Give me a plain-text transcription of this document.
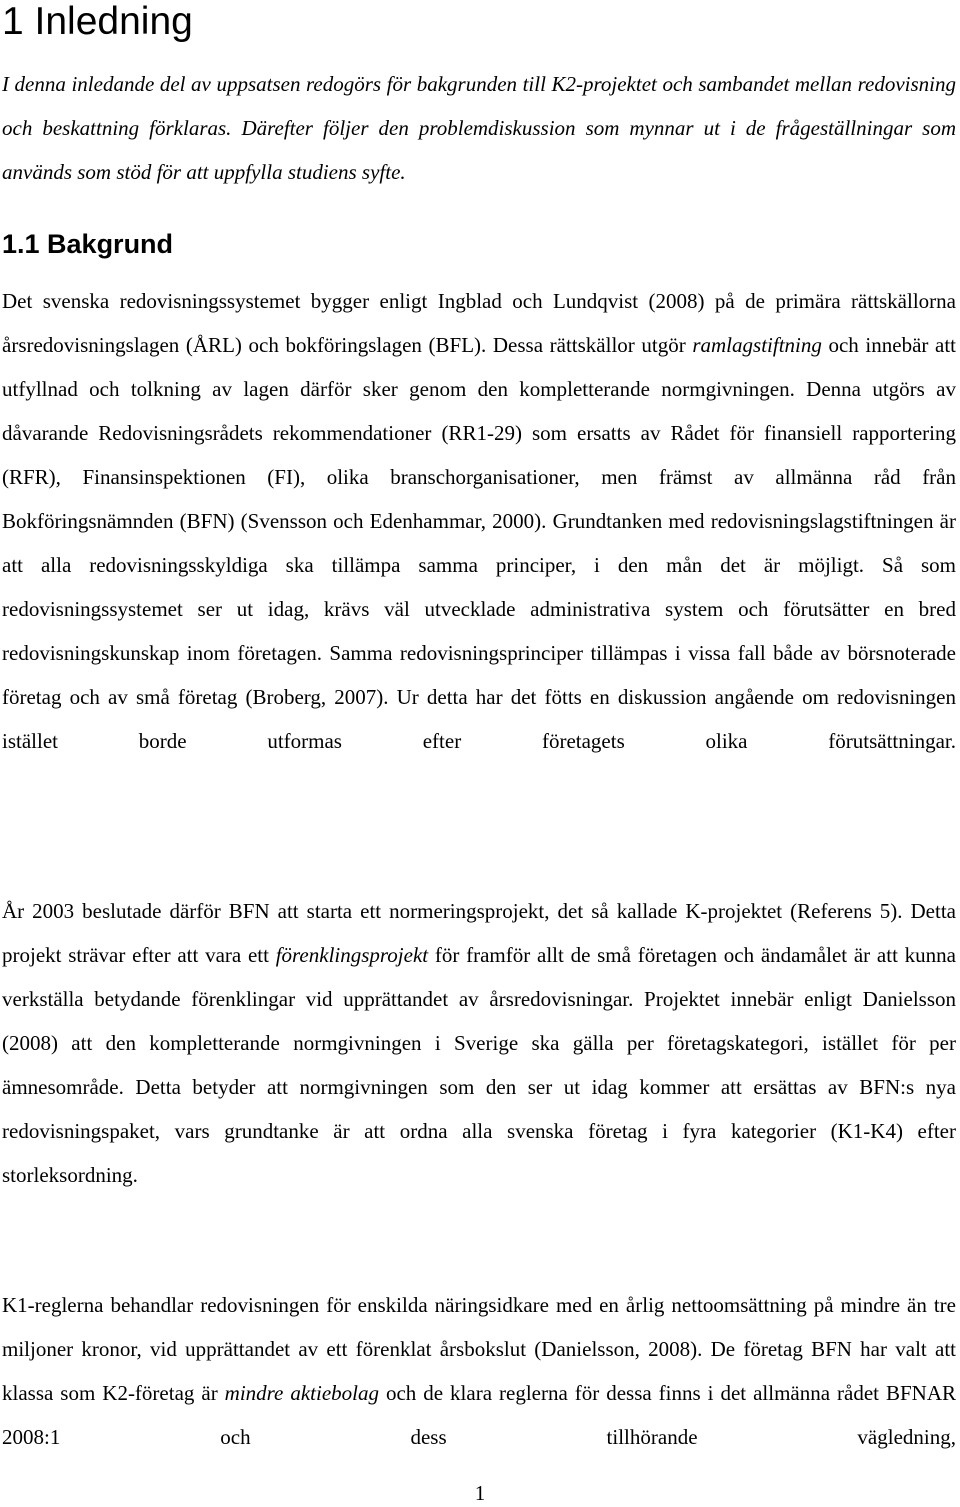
1 Inledning

I denna inledande del av uppsatsen redogörs för bakgrunden till K2-projektet och sambandet mellan redovisning och beskattning förklaras. Därefter följer den problemdiskussion som mynnar ut i de frågeställningar som används som stöd för att uppfylla studiens syfte.

1.1 Bakgrund

Det svenska redovisningssystemet bygger enligt Ingblad och Lundqvist (2008) på de primära rättskällorna årsredovisningslagen (ÅRL) och bokföringslagen (BFL). Dessa rättskällor utgör ramlagstiftning och innebär att utfyllnad och tolkning av lagen därför sker genom den kompletterande normgivningen. Denna utgörs av dåvarande Redovisningsrådets rekommendationer (RR1-29) som ersatts av Rådet för finansiell rapportering (RFR), Finansinspektionen (FI), olika branschorganisationer, men främst av allmänna råd från Bokföringsnämnden (BFN) (Svensson och Edenhammar, 2000). Grundtanken med redovisningslagstiftningen är att alla redovisningsskyldiga ska tillämpa samma principer, i den mån det är möjligt. Så som redovisningssystemet ser ut idag, krävs väl utvecklade administrativa system och förutsätter en bred redovisningskunskap inom företagen. Samma redovisningsprinciper tillämpas i vissa fall både av börsnoterade företag och av små företag (Broberg, 2007). Ur detta har det fötts en diskussion angående om redovisningen istället borde utformas efter företagets olika förutsättningar.

År 2003 beslutade därför BFN att starta ett normeringsprojekt, det så kallade K-projektet (Referens 5). Detta projekt strävar efter att vara ett förenklingsprojekt för framför allt de små företagen och ändamålet är att kunna verkställa betydande förenklingar vid upprättandet av årsredovisningar. Projektet innebär enligt Danielsson (2008) att den kompletterande normgivningen i Sverige ska gälla per företagskategori, istället för per ämnesområde. Detta betyder att normgivningen som den ser ut idag kommer att ersättas av BFN:s nya redovisningspaket, vars grundtanke är att ordna alla svenska företag i fyra kategorier (K1-K4) efter storleksordning.

K1-reglerna behandlar redovisningen för enskilda näringsidkare med en årlig nettoomsättning på mindre än tre miljoner kronor, vid upprättandet av ett förenklat årsbokslut (Danielsson, 2008). De företag BFN har valt att klassa som K2-företag är mindre aktiebolag och de klara reglerna för dessa finns i det allmänna rådet BFNAR 2008:1 och dess tillhörande vägledning,

1
